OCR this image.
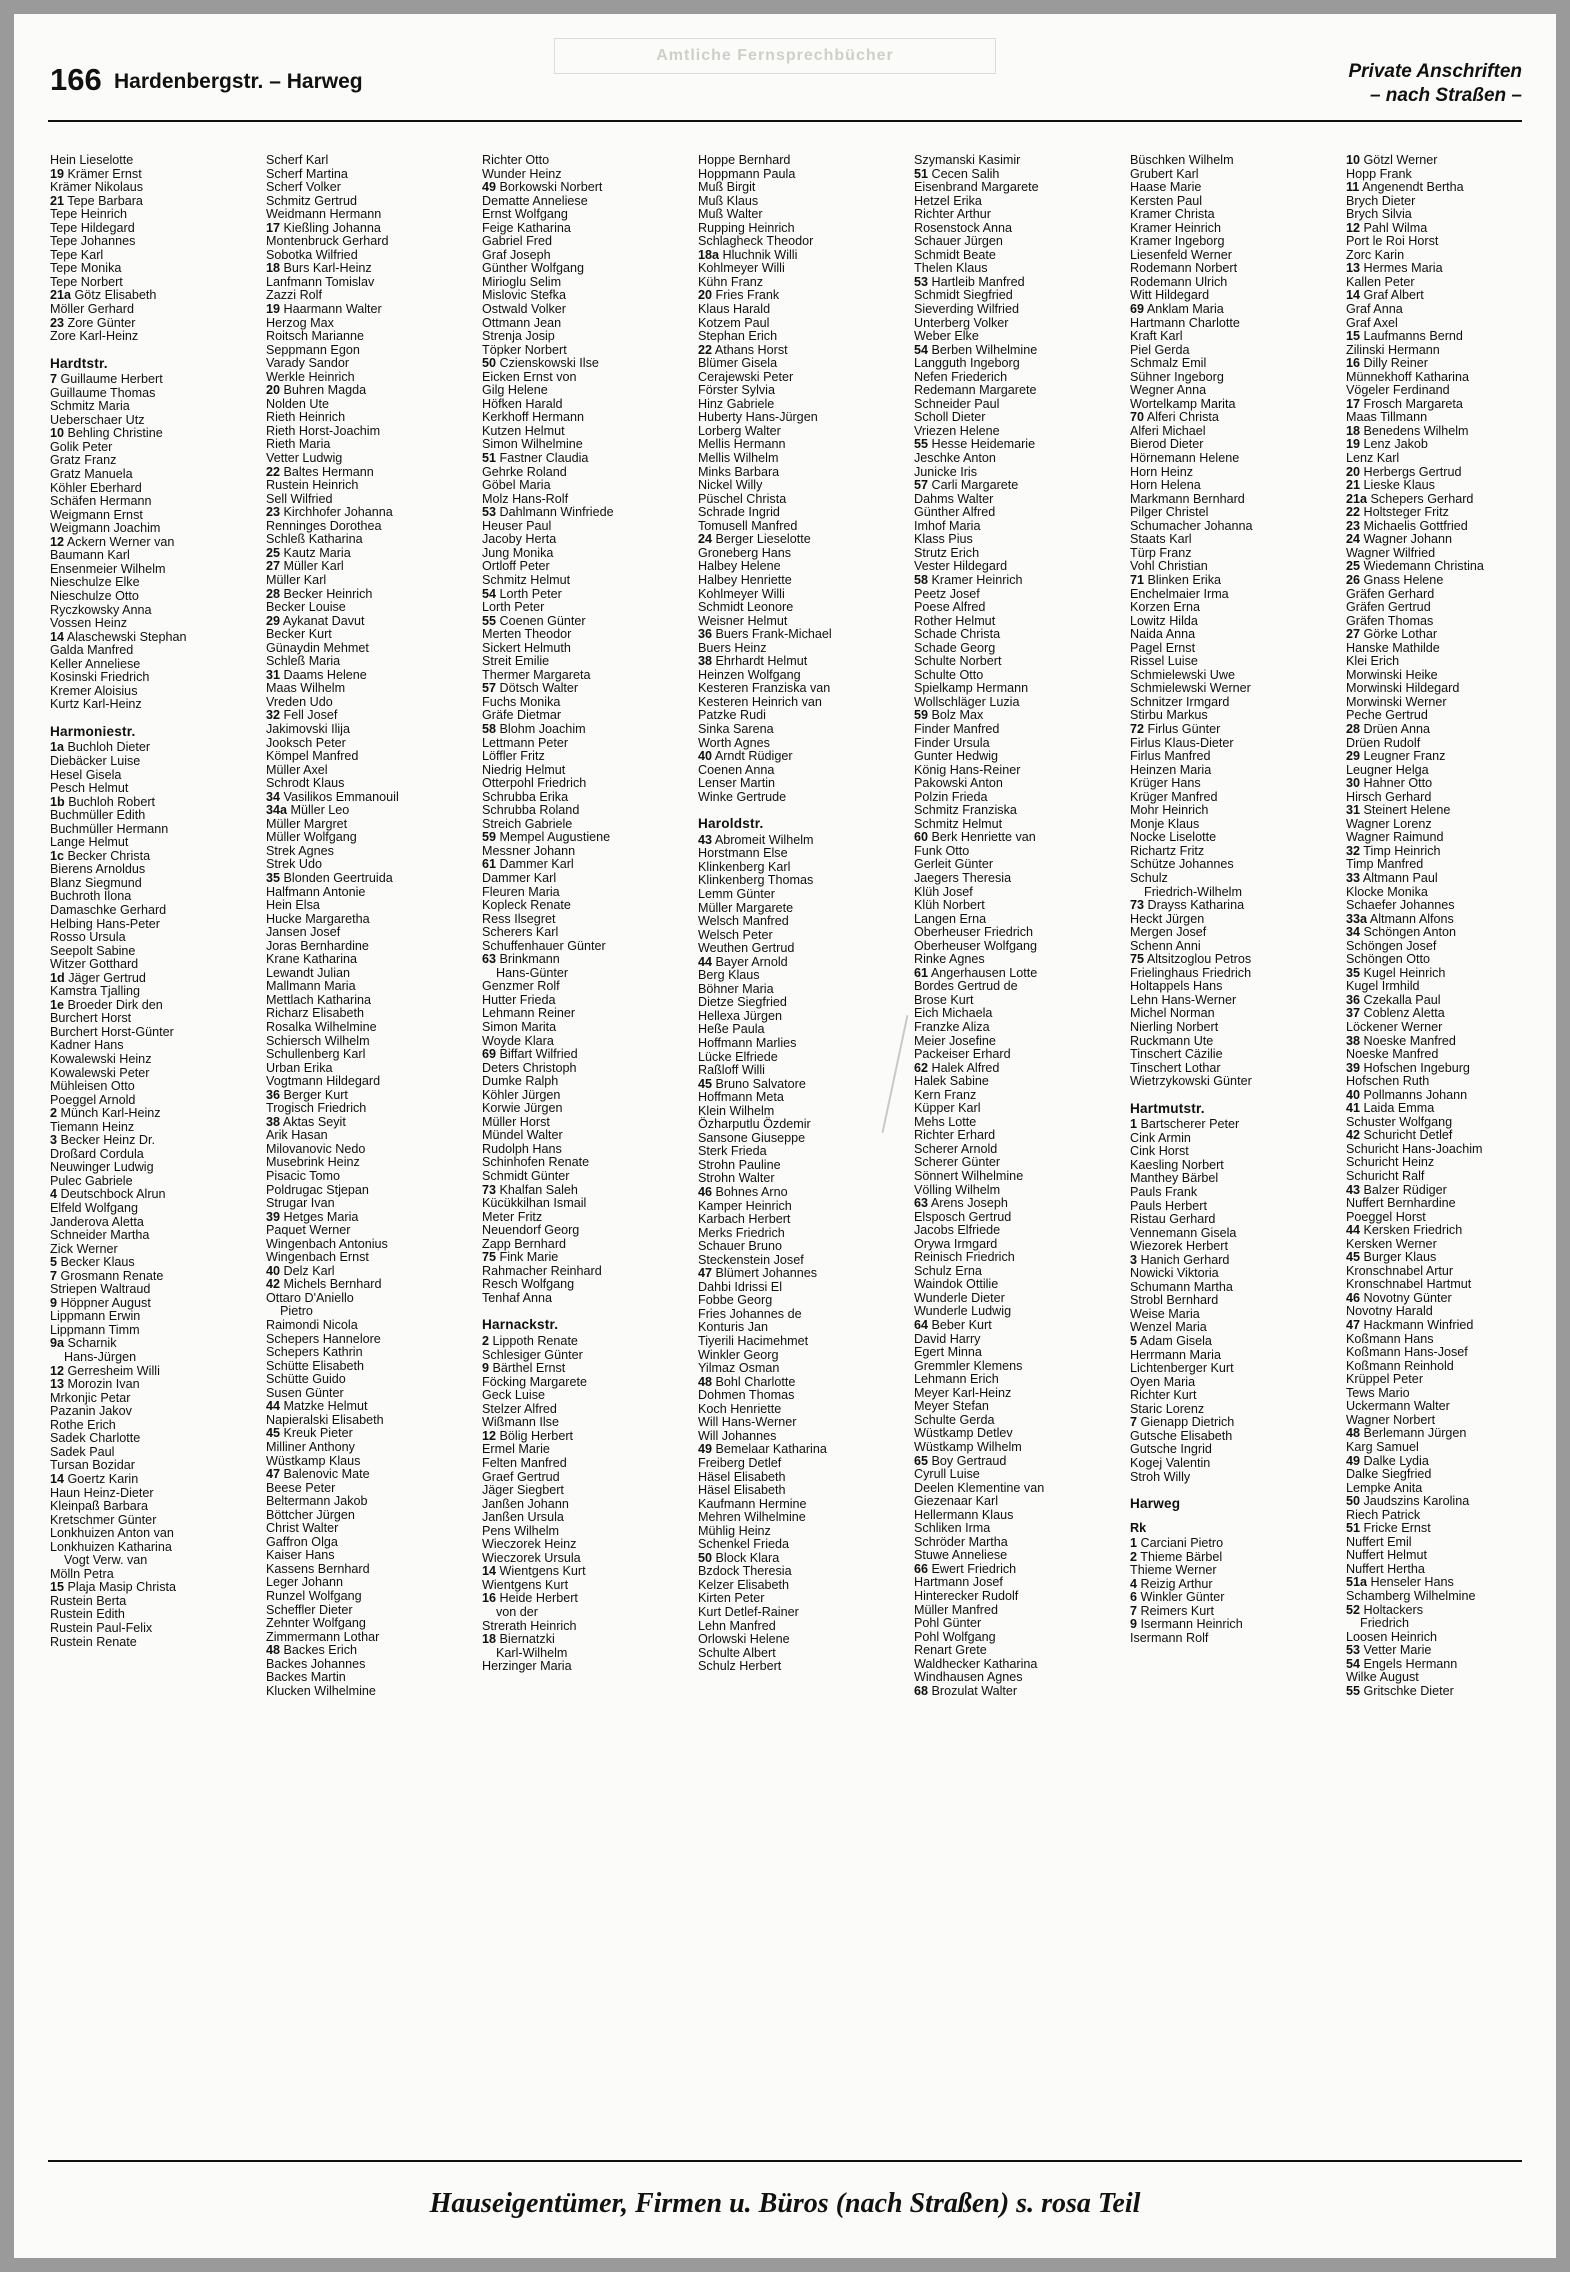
Amtliche Fernsprechbücher
166 Hardenbergstr. – Harweg	Private Anschriften
– nach Straßen –
Hein Lieselotte
19 Krämer Ernst
Krämer Nikolaus
21 Tepe Barbara
Tepe Heinrich
Tepe Hildegard
Tepe Johannes
Tepe Karl
Tepe Monika
Tepe Norbert
21a Götz Elisabeth
Möller Gerhard
23 Zore Günter
Zore Karl-Heinz
Hardtstr.
7 Guillaume Herbert
Guillaume Thomas
Schmitz Maria
Ueberschaer Utz
10 Behling Christine
Golik Peter
Gratz Franz
Gratz Manuela
Köhler Eberhard
Schäfen Hermann
Weigmann Ernst
Weigmann Joachim
12 Ackern Werner van
Baumann Karl
Ensenmeier Wilhelm
Nieschulze Elke
Nieschulze Otto
Ryczkowsky Anna
Vossen Heinz
14 Alaschewski Stephan
Galda Manfred
Keller Anneliese
Kosinski Friedrich
Kremer Aloisius
Kurtz Karl-Heinz
Harmoniestr.
1a Buchloh Dieter
Diebäcker Luise
Hesel Gisela
Pesch Helmut
1b Buchloh Robert
Buchmüller Edith
Buchmüller Hermann
Lange Helmut
1c Becker Christa
Bierens Arnoldus
Blanz Siegmund
Buchroth Ilona
Damaschke Gerhard
Helbing Hans-Peter
Rosso Ursula
Seepolt Sabine
Witzer Gotthard
1d Jäger Gertrud
Kamstra Tjalling
1e Broeder Dirk den
Burchert Horst
Burchert Horst-Günter
Kadner Hans
Kowalewski Heinz
Kowalewski Peter
Mühleisen Otto
Poeggel Arnold
2 Münch Karl-Heinz
Tiemann Heinz
3 Becker Heinz Dr.
Droßard Cordula
Neuwinger Ludwig
Pulec Gabriele
4 Deutschbock Alrun
Elfeld Wolfgang
Janderova Aletta
Schneider Martha
Zick Werner
5 Becker Klaus
7 Grosmann Renate
Striepen Waltraud
9 Höppner August
Lippmann Erwin
Lippmann Timm
9a Scharnik
Hans-Jürgen
12 Gerresheim Willi
13 Morozin Ivan
Mrkonjic Petar
Pazanin Jakov
Rothe Erich
Sadek Charlotte
Sadek Paul
Tursan Bozidar
14 Goertz Karin
Haun Heinz-Dieter
Kleinpaß Barbara
Kretschmer Günter
Lonkhuizen Anton van
Lonkhuizen Katharina
Vogt Verw. van
Mölln Petra
15 Plaja Masip Christa
Rustein Berta
Rustein Edith
Rustein Paul-Felix
Rustein Renate
Scherf Karl
Scherf Martina
Scherf Volker
Schmitz Gertrud
Weidmann Hermann
17 Kießling Johanna
Montenbruck Gerhard
Sobotka Wilfried
18 Burs Karl-Heinz
Lanfmann Tomislav
Zazzi Rolf
19 Haarmann Walter
Herzog Max
Roitsch Marianne
Seppmann Egon
Varady Sandor
Werkle Heinrich
20 Buhren Magda
Nolden Ute
Rieth Heinrich
Rieth Horst-Joachim
Rieth Maria
Vetter Ludwig
22 Baltes Hermann
Rustein Heinrich
Sell Wilfried
23 Kirchhofer Johanna
Renninges Dorothea
Schleß Katharina
25 Kautz Maria
27 Müller Karl
Müller Karl
28 Becker Heinrich
Becker Louise
29 Aykanat Davut
Becker Kurt
Günaydin Mehmet
Schleß Maria
31 Daams Helene
Maas Wilhelm
Vreden Udo
32 Fell Josef
Jakimovski Ilija
Jooksch Peter
Kömpel Manfred
Müller Axel
Schrodt Klaus
34 Vasilikos Emmanouil
34a Müller Leo
Müller Margret
Müller Wolfgang
Strek Agnes
Strek Udo
35 Blonden Geertruida
Halfmann Antonie
Hein Elsa
Hucke Margaretha
Jansen Josef
Joras Bernhardine
Krane Katharina
Lewandt Julian
Mallmann Maria
Mettlach Katharina
Richarz Elisabeth
Rosalka Wilhelmine
Schiersch Wilhelm
Schullenberg Karl
Urban Erika
Vogtmann Hildegard
36 Berger Kurt
Trogisch Friedrich
38 Aktas Seyit
Arik Hasan
Milovanovic Nedo
Musebrink Heinz
Pisacic Tomo
Poldrugac Stjepan
Strugar Ivan
39 Hetges Maria
Paquet Werner
Wingenbach Antonius
Wingenbach Ernst
40 Delz Karl
42 Michels Bernhard
Ottaro D'Aniello
Pietro
Raimondi Nicola
Schepers Hannelore
Schepers Kathrin
Schütte Elisabeth
Schütte Guido
Susen Günter
44 Matzke Helmut
Napieralski Elisabeth
45 Kreuk Pieter
Milliner Anthony
Wüstkamp Klaus
47 Balenovic Mate
Beese Peter
Beltermann Jakob
Böttcher Jürgen
Christ Walter
Gaffron Olga
Kaiser Hans
Kassens Bernhard
Leger Johann
Runzel Wolfgang
Scheffler Dieter
Zehnter Wolfgang
Zimmermann Lothar
48 Backes Erich
Backes Johannes
Backes Martin
Klucken Wilhelmine
Richter Otto
Wunder Heinz
49 Borkowski Norbert
Dematte Anneliese
Ernst Wolfgang
Feige Katharina
Gabriel Fred
Graf Joseph
Günther Wolfgang
Mirioglu Selim
Mislovic Stefka
Ostwald Volker
Ottmann Jean
Strenja Josip
Töpker Norbert
50 Czienskowski Ilse
Eicken Ernst von
Gilg Helene
Höfken Harald
Kerkhoff Hermann
Kutzen Helmut
Simon Wilhelmine
51 Fastner Claudia
Gehrke Roland
Göbel Maria
Molz Hans-Rolf
53 Dahlmann Winfriede
Heuser Paul
Jacoby Herta
Jung Monika
Ortloff Peter
Schmitz Helmut
54 Lorth Peter
Lorth Peter
55 Coenen Günter
Merten Theodor
Sickert Helmuth
Streit Emilie
Thermer Margareta
57 Dötsch Walter
Fuchs Monika
Gräfe Dietmar
58 Blohm Joachim
Lettmann Peter
Löffler Fritz
Niedrig Helmut
Otterpohl Friedrich
Schrubba Erika
Schrubba Roland
Streich Gabriele
59 Mempel Augustiene
Messner Johann
61 Dammer Karl
Dammer Karl
Fleuren Maria
Kopleck Renate
Ress Ilsegret
Scherers Karl
Schuffenhauer Günter
63 Brinkmann
Hans-Günter
Genzmer Rolf
Hutter Frieda
Lehmann Reiner
Simon Marita
Woyde Klara
69 Biffart Wilfried
Deters Christoph
Dumke Ralph
Köhler Jürgen
Korwie Jürgen
Müller Horst
Mündel Walter
Rudolph Hans
Schinhofen Renate
Schmidt Günter
73 Khalfan Saleh
Kücükkilhan Ismail
Meter Fritz
Neuendorf Georg
Zapp Bernhard
75 Fink Marie
Rahmacher Reinhard
Resch Wolfgang
Tenhaf Anna
Harnackstr.
2 Lippoth Renate
Schlesiger Günter
9 Bärthel Ernst
Föcking Margarete
Geck Luise
Stelzer Alfred
Wißmann Ilse
12 Bölig Herbert
Ermel Marie
Felten Manfred
Graef Gertrud
Jäger Siegbert
Janßen Johann
Janßen Ursula
Pens Wilhelm
Wieczorek Heinz
Wieczorek Ursula
14 Wientgens Kurt
Wientgens Kurt
16 Heide Herbert
von der
Strerath Heinrich
18 Biernatzki
Karl-Wilhelm
Herzinger Maria
Hoppe Bernhard
Hoppmann Paula
Muß Birgit
Muß Klaus
Muß Walter
Rupping Heinrich
Schlagheck Theodor
18a Hluchnik Willi
Kohlmeyer Willi
Kühn Franz
20 Fries Frank
Klaus Harald
Kotzem Paul
Stephan Erich
22 Athans Horst
Blümer Gisela
Cerajewski Peter
Förster Sylvia
Hinz Gabriele
Huberty Hans-Jürgen
Lorberg Walter
Mellis Hermann
Mellis Wilhelm
Minks Barbara
Nickel Willy
Püschel Christa
Schrade Ingrid
Tomusell Manfred
24 Berger Lieselotte
Groneberg Hans
Halbey Helene
Halbey Henriette
Kohlmeyer Willi
Schmidt Leonore
Weisner Helmut
36 Buers Frank-Michael
Buers Heinz
38 Ehrhardt Helmut
Heinzen Wolfgang
Kesteren Franziska van
Kesteren Heinrich van
Patzke Rudi
Sinka Sarena
Worth Agnes
40 Arndt Rüdiger
Coenen Anna
Lenser Martin
Winke Gertrude
Haroldstr.
43 Abromeit Wilhelm
Horstmann Else
Klinkenberg Karl
Klinkenberg Thomas
Lemm Günter
Müller Margarete
Welsch Manfred
Welsch Peter
Weuthen Gertrud
44 Bayer Arnold
Berg Klaus
Böhner Maria
Dietze Siegfried
Hellexa Jürgen
Heße Paula
Hoffmann Marlies
Lücke Elfriede
Raßloff Willi
45 Bruno Salvatore
Hoffmann Meta
Klein Wilhelm
Özharputlu Özdemir
Sansone Giuseppe
Sterk Frieda
Strohn Pauline
Strohn Walter
46 Bohnes Arno
Kamper Heinrich
Karbach Herbert
Merks Friedrich
Schauer Bruno
Steckenstein Josef
47 Blümert Johannes
Dahbi Idrissi El
Fobbe Georg
Fries Johannes de
Konturis Jan
Tiyerili Hacimehmet
Winkler Georg
Yilmaz Osman
48 Bohl Charlotte
Dohmen Thomas
Koch Henriette
Will Hans-Werner
Will Johannes
49 Bemelaar Katharina
Freiberg Detlef
Häsel Elisabeth
Häsel Elisabeth
Kaufmann Hermine
Mehren Wilhelmine
Mühlig Heinz
Schenkel Frieda
50 Block Klara
Bzdock Theresia
Kelzer Elisabeth
Kirten Peter
Kurt Detlef-Rainer
Lehn Manfred
Orlowski Helene
Schulte Albert
Schulz Herbert
Szymanski Kasimir
51 Cecen Salih
Eisenbrand Margarete
Hetzel Erika
Richter Arthur
Rosenstock Anna
Schauer Jürgen
Schmidt Beate
Thelen Klaus
53 Hartleib Manfred
Schmidt Siegfried
Sieverding Wilfried
Unterberg Volker
Weber Elke
54 Berben Wilhelmine
Langguth Ingeborg
Nefen Friederich
Redemann Margarete
Schneider Paul
Scholl Dieter
Vriezen Helene
55 Hesse Heidemarie
Jeschke Anton
Junicke Iris
57 Carli Margarete
Dahms Walter
Günther Alfred
Imhof Maria
Klass Pius
Strutz Erich
Vester Hildegard
58 Kramer Heinrich
Peetz Josef
Poese Alfred
Rother Helmut
Schade Christa
Schade Georg
Schulte Norbert
Schulte Otto
Spielkamp Hermann
Wollschläger Luzia
59 Bolz Max
Finder Manfred
Finder Ursula
Gunter Hedwig
König Hans-Reiner
Pakowski Anton
Polzin Frieda
Schmitz Franziska
Schmitz Helmut
60 Berk Henriette van
Funk Otto
Gerleit Günter
Jaegers Theresia
Klüh Josef
Klüh Norbert
Langen Erna
Oberheuser Friedrich
Oberheuser Wolfgang
Rinke Agnes
61 Angerhausen Lotte
Bordes Gertrud de
Brose Kurt
Eich Michaela
Franzke Aliza
Meier Josefine
Packeiser Erhard
62 Halek Alfred
Halek Sabine
Kern Franz
Küpper Karl
Mehs Lotte
Richter Erhard
Scherer Arnold
Scherer Günter
Sönnert Wilhelmine
Völling Wilhelm
63 Arens Joseph
Elsposch Gertrud
Jacobs Elfriede
Orywa Irmgard
Reinisch Friedrich
Schulz Erna
Waindok Ottilie
Wunderle Dieter
Wunderle Ludwig
64 Beber Kurt
David Harry
Egert Minna
Gremmler Klemens
Lehmann Erich
Meyer Karl-Heinz
Meyer Stefan
Schulte Gerda
Wüstkamp Detlev
Wüstkamp Wilhelm
65 Boy Gertraud
Cyrull Luise
Deelen Klementine van
Giezenaar Karl
Hellermann Klaus
Schliken Irma
Schröder Martha
Stuwe Anneliese
66 Ewert Friedrich
Hartmann Josef
Hinterecker Rudolf
Müller Manfred
Pohl Günter
Pohl Wolfgang
Renart Grete
Waldhecker Katharina
Windhausen Agnes
68 Brozulat Walter
Büschken Wilhelm
Grubert Karl
Haase Marie
Kersten Paul
Kramer Christa
Kramer Heinrich
Kramer Ingeborg
Liesenfeld Werner
Rodemann Norbert
Rodemann Ulrich
Witt Hildegard
69 Anklam Maria
Hartmann Charlotte
Kraft Karl
Piel Gerda
Schmalz Emil
Sühner Ingeborg
Wegner Anna
Wortelkamp Marita
70 Alferi Christa
Alferi Michael
Bierod Dieter
Hörnemann Helene
Horn Heinz
Horn Helena
Markmann Bernhard
Pilger Christel
Schumacher Johanna
Staats Karl
Türp Franz
Vohl Christian
71 Blinken Erika
Enchelmaier Irma
Korzen Erna
Lowitz Hilda
Naida Anna
Pagel Ernst
Rissel Luise
Schmielewski Uwe
Schmielewski Werner
Schnitzer Irmgard
Stirbu Markus
72 Firlus Günter
Firlus Klaus-Dieter
Firlus Manfred
Heinzen Maria
Krüger Hans
Krüger Manfred
Mohr Heinrich
Monje Klaus
Nocke Liselotte
Richartz Fritz
Schütze Johannes
Schulz
Friedrich-Wilhelm
73 Drayss Katharina
Heckt Jürgen
Mergen Josef
Schenn Anni
75 Altsitzoglou Petros
Frielinghaus Friedrich
Holtappels Hans
Lehn Hans-Werner
Michel Norman
Nierling Norbert
Ruckmann Ute
Tinschert Cäzilie
Tinschert Lothar
Wietrzykowski Günter
Hartmutstr.
1 Bartscherer Peter
Cink Armin
Cink Horst
Kaesling Norbert
Manthey Bärbel
Pauls Frank
Pauls Herbert
Ristau Gerhard
Vennemann Gisela
Wiezorek Herbert
3 Hanich Gerhard
Nowicki Viktoria
Schumann Martha
Strobl Bernhard
Weise Maria
Wenzel Maria
5 Adam Gisela
Herrmann Maria
Lichtenberger Kurt
Oyen Maria
Richter Kurt
Staric Lorenz
7 Gienapp Dietrich
Gutsche Elisabeth
Gutsche Ingrid
Kogej Valentin
Stroh Willy
Harweg
Rk
1 Carciani Pietro
2 Thieme Bärbel
Thieme Werner
4 Reizig Arthur
6 Winkler Günter
7 Reimers Kurt
9 Isermann Heinrich
Isermann Rolf
10 Götzl Werner
Hopp Frank
11 Angenendt Bertha
Brych Dieter
Brych Silvia
12 Pahl Wilma
Port le Roi Horst
Zorc Karin
13 Hermes Maria
Kallen Peter
14 Graf Albert
Graf Anna
Graf Axel
15 Laufmanns Bernd
Zilinski Hermann
16 Dilly Reiner
Münnekhoff Katharina
Vögeler Ferdinand
17 Frosch Margareta
Maas Tillmann
18 Benedens Wilhelm
19 Lenz Jakob
Lenz Karl
20 Herbergs Gertrud
21 Lieske Klaus
21a Schepers Gerhard
22 Holtsteger Fritz
23 Michaelis Gottfried
24 Wagner Johann
Wagner Wilfried
25 Wiedemann Christina
26 Gnass Helene
Gräfen Gerhard
Gräfen Gertrud
Gräfen Thomas
27 Görke Lothar
Hanske Mathilde
Klei Erich
Morwinski Heike
Morwinski Hildegard
Morwinski Werner
Peche Gertrud
28 Drüen Anna
Drüen Rudolf
29 Leugner Franz
Leugner Helga
30 Hahner Otto
Hirsch Gerhard
31 Steinert Helene
Wagner Lorenz
Wagner Raimund
32 Timp Heinrich
Timp Manfred
33 Altmann Paul
Klocke Monika
Schaefer Johannes
33a Altmann Alfons
34 Schöngen Anton
Schöngen Josef
Schöngen Otto
35 Kugel Heinrich
Kugel Irmhild
36 Czekalla Paul
37 Coblenz Aletta
Löckener Werner
38 Noeske Manfred
Noeske Manfred
39 Hofschen Ingeburg
Hofschen Ruth
40 Pollmanns Johann
41 Laida Emma
Schuster Wolfgang
42 Schuricht Detlef
Schuricht Hans-Joachim
Schuricht Heinz
Schuricht Ralf
43 Balzer Rüdiger
Nuffert Bernhardine
Poeggel Horst
44 Kersken Friedrich
Kersken Werner
45 Burger Klaus
Kronschnabel Artur
Kronschnabel Hartmut
46 Novotny Günter
Novotny Harald
47 Hackmann Winfried
Koßmann Hans
Koßmann Hans-Josef
Koßmann Reinhold
Krüppel Peter
Tews Mario
Uckermann Walter
Wagner Norbert
48 Berlemann Jürgen
Karg Samuel
49 Dalke Lydia
Dalke Siegfried
Lempke Anita
50 Jaudszins Karolina
Riech Patrick
51 Fricke Ernst
Nuffert Emil
Nuffert Helmut
Nuffert Hertha
51a Henseler Hans
Schamberg Wilhelmine
52 Holtackers
Friedrich
Loosen Heinrich
53 Vetter Marie
54 Engels Hermann
Wilke August
55 Gritschke Dieter
Hauseigentümer, Firmen u. Büros (nach Straßen) s. rosa Teil
